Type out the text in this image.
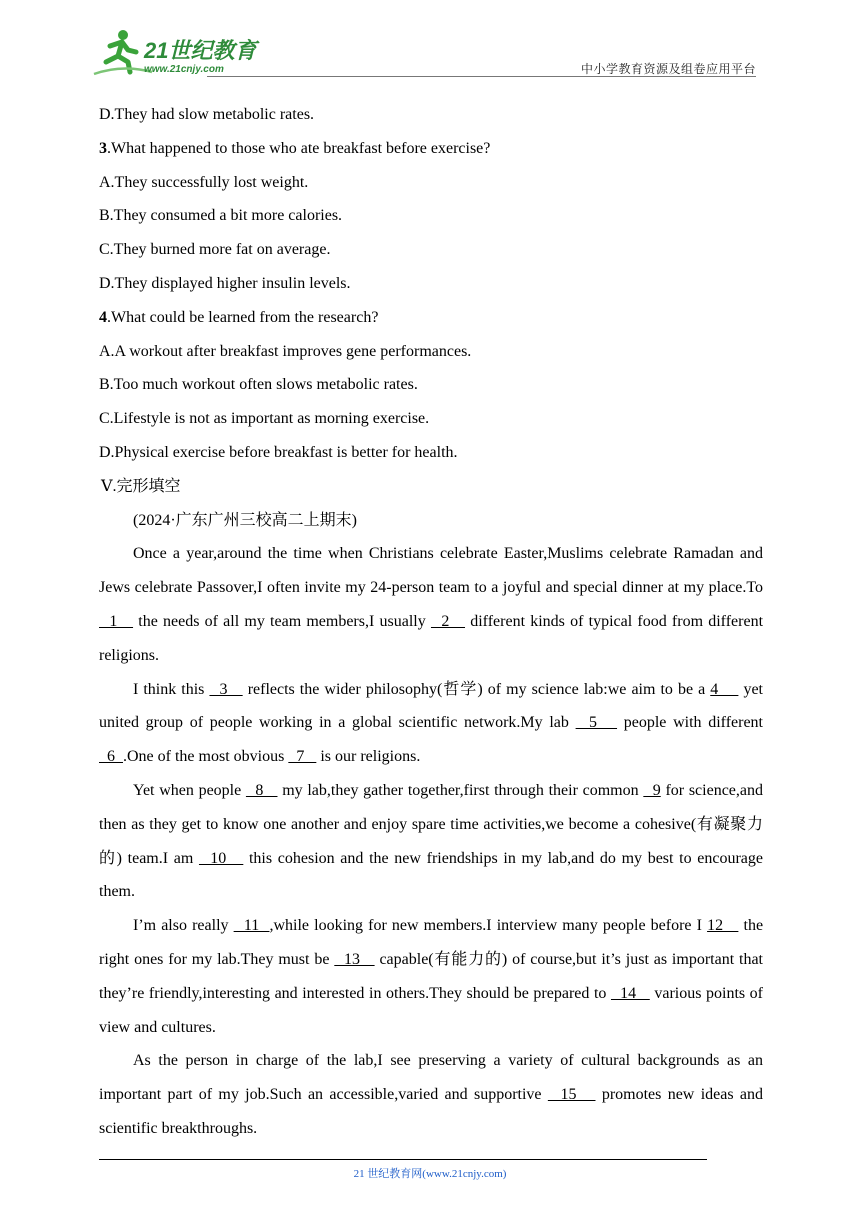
21世纪教育
www.21cnjy.com	中小学教育资源及组卷应用平台

D.They had slow metabolic rates.

3.What happened to those who ate breakfast before exercise?

A.They successfully lost weight.

B.They consumed a bit more calories.

C.They burned more fat on average.

D.They displayed higher insulin levels.

4.What could be learned from the research?

A.A workout after breakfast improves gene performances.

B.Too much workout often slows metabolic rates.

C.Lifestyle is not as important as morning exercise.

D.Physical exercise before breakfast is better for health.

Ⅴ.完形填空

(2024·广东广州三校高二上期末)

Once a year,around the time when Christians celebrate Easter,Muslims celebrate Ramadan and Jews celebrate Passover,I often invite my 24-person team to a joyful and special dinner at my place.To   1    the needs of all my team members,I usually   2    different kinds of typical food from different religions.

I think this   3    reflects the wider philosophy(哲学) of my science lab:we aim to be a 4     yet united group of people working in a global scientific network.My lab   5    people with different   6  .One of the most obvious   7    is our religions.

Yet when people   8    my lab,they gather together,first through their common   9 for science,and then as they get to know one another and enjoy spare time activities,we become a cohesive(有凝聚力的) team.I am   10    this cohesion and the new friendships in my lab,and do my best to encourage them.

I’m also really   11  ,while looking for new members.I interview many people before I 12    the right ones for my lab.They must be   13    capable(有能力的) of course,but it’s just as important that they’re friendly,interesting and interested in others.They should be prepared to   14    various points of view and cultures.

As the person in charge of the lab,I see preserving a variety of cultural backgrounds as an important part of my job.Such an accessible,varied and supportive   15    promotes new ideas and scientific breakthroughs.

21 世纪教育网(www.21cnjy.com)
